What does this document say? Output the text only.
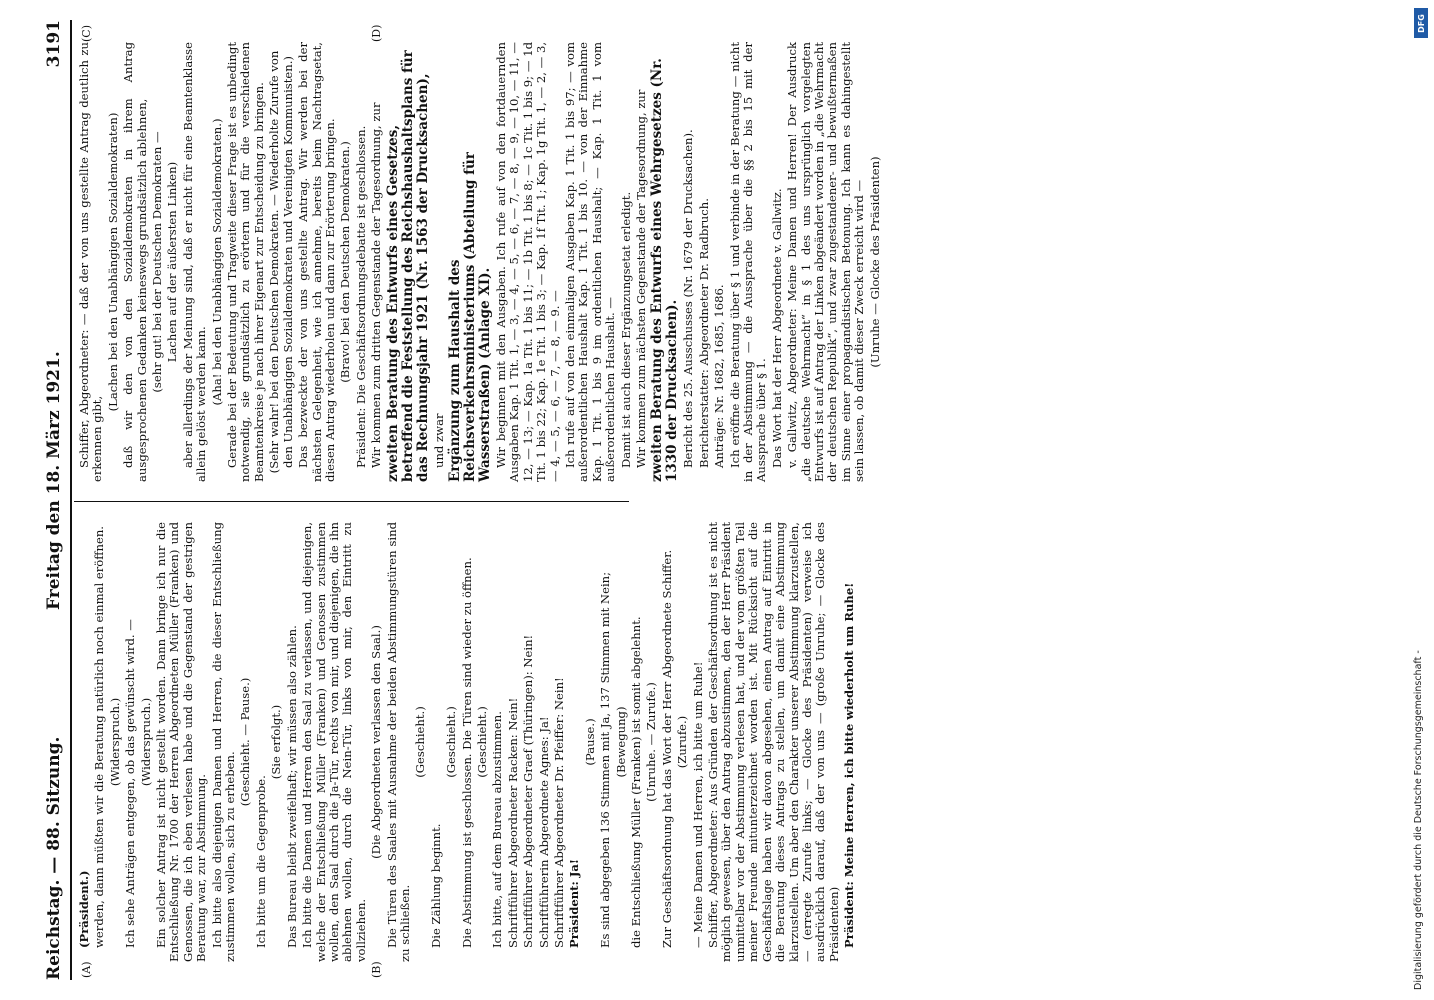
Reichstag. — 88. Sitzung.
Freitag den 18. März 1921.
3191
(A)	(B)
(C)	(D)

(Präsident.) werden, dann müßten wir die Beratung natürlich noch einmal eröffnen. (Widerspruch.) Ich sehe Anträgen entgegen, ob das gewünscht wird. — (Widerspruch.) Ein solcher Antrag ist nicht gestellt worden. Dann bringe ich nur die Entschließung Nr. 1700 der Herren Abgeordneten Müller (Franken) und Genossen, die ich eben verlesen habe und die Gegenstand der gestrigen Beratung war, zur Abstimmung. Ich bitte also diejenigen Damen und Herren, die dieser Entschließung zustimmen wollen, sich zu erheben.

(Geschieht. — Pause.)

Ich bitte um die Gegenprobe.

(Sie erfolgt.) Das Bureau bleibt zweifelhaft; wir müssen also zählen. Ich bitte die Damen und Herren den Saal zu verlassen, und diejenigen, welche der Entschließung Müller (Franken) und Genossen zustimmen wollen, den Saal durch die Ja-Tür, rechts von mir, und diejenigen, die ihn ablehnen wollen, durch die Nein-Tür, links von mir, den Eintritt zu vollziehen.

(Die Abgeordneten verlassen den Saal.) Die Türen des Saales mit Ausnahme der beiden Abstimmungstüren sind zu schließen.

(Geschieht.)

Die Zählung beginnt.

(Geschieht.) Die Abstimmung ist geschlossen. Die Türen sind wieder zu öffnen. (Geschieht.) Ich bitte, auf dem Bureau abzustimmen. Schriftführer Abgeordneter Racken: Nein! Schriftführer Abgeordneter Graef (Thüringen): Nein! Schriftführerin Abgeordnete Agnes: Ja! Schriftführer Abgeordneter Dr. Pfeiffer: Nein! Präsident: Ja!

(Pause.) Es sind abgegeben 136 Stimmen mit Ja, 137 Stimmen mit Nein; (Bewegung) die Entschließung Müller (Franken) ist somit abgelehnt. (Unruhe. — Zurufe.) Zur Geschäftsordnung hat das Wort der Herr Abgeordnete Schiffer. (Zurufe.) — Meine Damen und Herren, ich bitte um Ruhe! Schiffer, Abgeordneter: Aus Gründen der Geschäftsordnung ist es nicht möglich gewesen, über den Antrag abzustimmen, den der Herr Präsident unmittelbar vor der Abstimmung verlesen hat, und der vom größten Teil meiner Freunde mitunterzeichnet worden ist. Mit Rücksicht auf die Geschäftslage haben wir davon abgesehen, einen Antrag auf Eintritt in die Beratung dieses Antrags zu stellen, um damit eine Abstimmung klarzustellen. Um aber den Charakter unserer Abstimmung klarzustellen, — (erregte Zurufe links; — Glocke des Präsidenten) verweise ich ausdrücklich darauf, daß der von uns — (große Unruhe; — Glocke des Präsidenten) Präsident: Meine Herren, ich bitte wiederholt um Ruhe!

Schiffer, Abgeordneter: — daß der von uns gestellte Antrag deutlich zu erkennen gibt,

(Lachen bei den Unabhängigen Sozialdemokraten) daß wir den von den Sozialdemokraten in ihrem Antrag ausgesprochenen Gedanken keineswegs grundsätzlich ablehnen, (sehr gut! bei der Deutschen Demokraten — Lachen auf der äußersten Linken) aber allerdings der Meinung sind, daß er nicht für eine Beamtenklasse allein gelöst werden kann. (Aha! bei den Unabhängigen Sozialdemokraten.) Gerade bei der Bedeutung und Tragweite dieser Frage ist es unbedingt notwendig, sie grundsätzlich zu erörtern und für die verschiedenen Beamtenkreise je nach ihrer Eigenart zur Entscheidung zu bringen. (Sehr wahr! bei den Deutschen Demokraten. — Wiederholte Zurufe von den Unabhängigen Sozialdemokraten und Vereinigten Kommunisten.) Das bezweckte der von uns gestellte Antrag. Wir werden bei der nächsten Gelegenheit, wie ich annehme, bereits beim Nachtragsetat, diesen Antrag wiederholen und dann zur Erörterung bringen. (Bravo! bei den Deutschen Demokraten.) Präsident: Die Geschäftsordnungsdebatte ist geschlossen. Wir kommen zum dritten Gegenstande der Tagesordnung, zur zweiten Beratung des Entwurfs eines Gesetzes, betreffend die Feststellung des Reichshaushaltsplans für das Rechnungsjahr 1921 (Nr. 1563 der Drucksachen), und zwar Ergänzung zum Haushalt des Reichsverkehrsministeriums (Abteilung für Wasserstraßen) (Anlage XI). Wir beginnen mit den Ausgaben. Ich rufe auf von den fortdauernden Ausgaben Kap. 1 Tit. 1, — 3, — 4, — 5, — 6, — 7, — 8, — 9, — 10, — 11, — 12, — 13; — Kap. 1a Tit. 1 bis 11; — 1b Tit. 1 bis 8; — 1c Tit. 1 bis 9; — 1d Tit. 1 bis 22; Kap. 1e Tit. 1 bis 3; — Kap. 1f Tit. 1; Kap. 1g Tit. 1, — 2, — 3, — 4, — 5, — 6, — 7, — 8, — 9. — Ich rufe auf von den einmaligen Ausgaben Kap. 1 Tit. 1 bis 97; — vom außerordentlichen Haushalt Kap. 1 Tit. 1 bis 10. — von der Einnahme Kap. 1 Tit. 1 bis 9 im ordentlichen Haushalt; — Kap. 1 Tit. 1 vom außerordentlichen Haushalt. — Damit ist auch dieser Ergänzungsetat erledigt. Wir kommen zum nächsten Gegenstande der Tagesordnung, zur zweiten Beratung des Entwurfs eines Wehrgesetzes (Nr. 1330 der Drucksachen). Bericht des 25. Ausschusses (Nr. 1679 der Drucksachen). Berichterstatter: Abgeordneter Dr. Radbruch. Anträge: Nr. 1682, 1685, 1686. Ich eröffne die Beratung über § 1 und verbinde in der Beratung — nicht in der Abstimmung — die Aussprache über die §§ 2 bis 15 mit der Aussprache über § 1. Das Wort hat der Herr Abgeordnete v. Gallwitz. v. Gallwitz, Abgeordneter: Meine Damen und Herren! Der Ausdruck „die deutsche Wehrmacht“ in § 1 des uns ursprünglich vorgelegten Entwurfs ist auf Antrag der Linken abgeändert worden in „die Wehrmacht der deutschen Republik“, und zwar zugestandener- und bewußtermaßen im Sinne einer propagandistischen Betonung. Ich kann es dahingestellt sein lassen, ob damit dieser Zweck erreicht wird — (Unruhe — Glocke des Präsidenten)

DFG
Digitalisierung gefördert durch die Deutsche Forschungsgemeinschaft -
